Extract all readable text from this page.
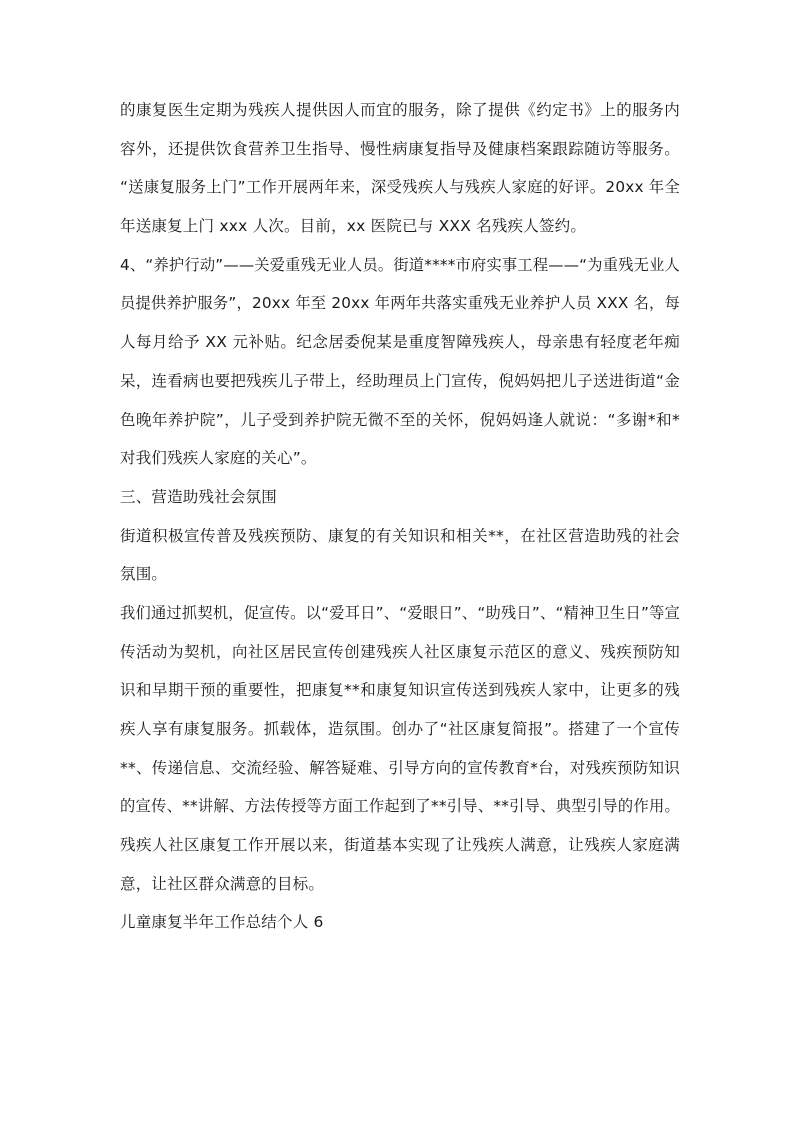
的康复医生定期为残疾人提供因人而宜的服务，除了提供《约定书》上的服务内

容外，还提供饮食营养卫生指导、慢性病康复指导及健康档案跟踪随访等服务。

“送康复服务上门”工作开展两年来，深受残疾人与残疾人家庭的好评。20xx 年全

年送康复上门 xxx 人次。目前，xx 医院已与 XXX 名残疾人签约。

4、“养护行动”——关爱重残无业人员。街道****市府实事工程——“为重残无业人

员提供养护服务”，20xx 年至 20xx 年两年共落实重残无业养护人员 XXX 名，每

人每月给予 XX 元补贴。纪念居委倪某是重度智障残疾人，母亲患有轻度老年痴

呆，连看病也要把残疾儿子带上，经助理员上门宣传，倪妈妈把儿子送进街道“金

色晚年养护院”，儿子受到养护院无微不至的关怀，倪妈妈逢人就说：“多谢*和*

对我们残疾人家庭的关心”。

三、营造助残社会氛围

街道积极宣传普及残疾预防、康复的有关知识和相关**，在社区营造助残的社会

氛围。

我们通过抓契机，促宣传。以“爱耳日”、“爱眼日”、“助残日”、“精神卫生日”等宣

传活动为契机，向社区居民宣传创建残疾人社区康复示范区的意义、残疾预防知

识和早期干预的重要性，把康复**和康复知识宣传送到残疾人家中，让更多的残

疾人享有康复服务。抓载体，造氛围。创办了“社区康复简报”。搭建了一个宣传

**、传递信息、交流经验、解答疑难、引导方向的宣传教育*台，对残疾预防知识

的宣传、**讲解、方法传授等方面工作起到了**引导、**引导、典型引导的作用。

残疾人社区康复工作开展以来，街道基本实现了让残疾人满意，让残疾人家庭满

意，让社区群众满意的目标。

儿童康复半年工作总结个人 6
